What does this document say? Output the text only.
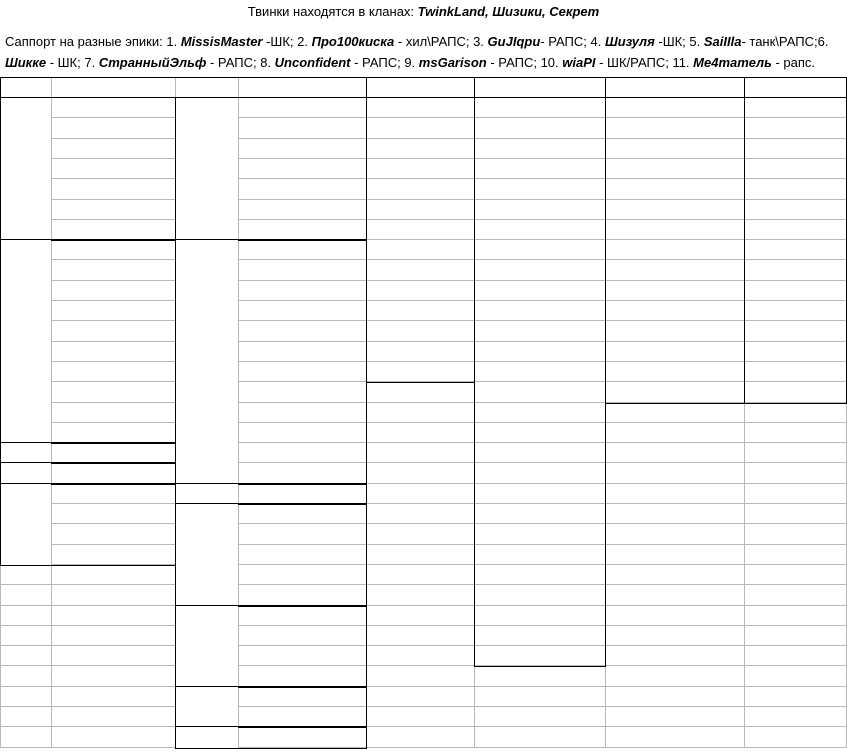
Твинки находятся в кланах: TwinkLand, Шизики, Секрет
Саппорт на разные эпики: 1. MissisMaster -ШК; 2. Про100киска - хил\РАПС; 3. GuJIqpu- РАПС; 4. Шизуля -ШК; 5. SaiIIla- танк\РАПС;6. Шикке - ШК; 7. СтранныйЭльф - РАПС; 8. Unconfident - РАПС; 9. msGarison - РАПС; 10. wiaPI - ШК/РАПС; 11. Me4тaтeль - рапс.
